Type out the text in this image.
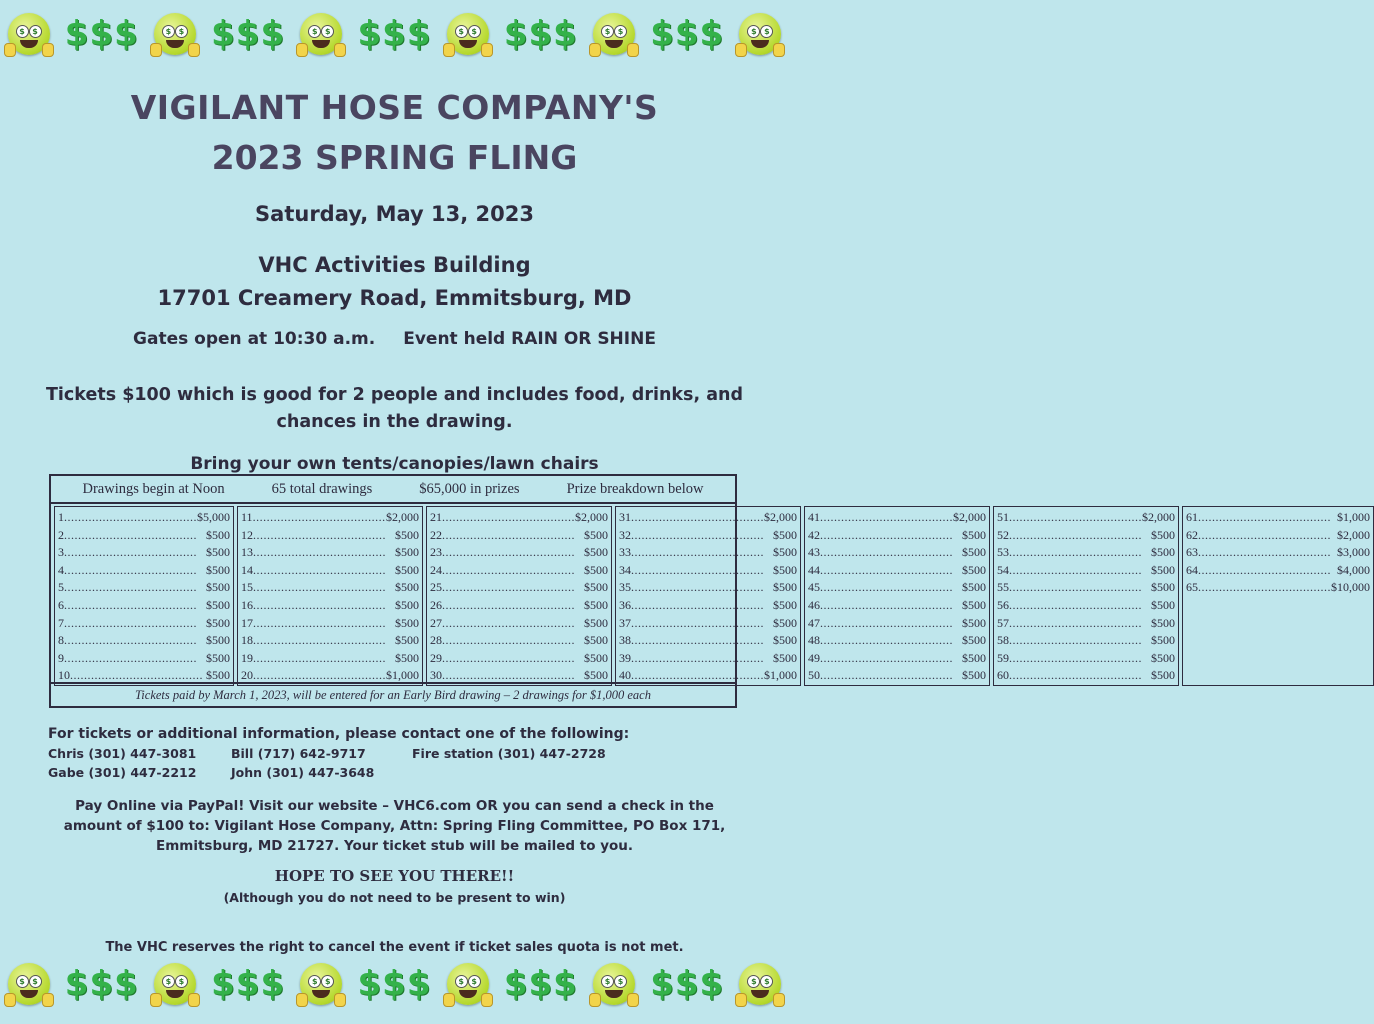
$ $ $$$	$ $ $$$	$ $ $$$	$ $ $$$	$ $ $$$	$ $
VIGILANT HOSE COMPANY'S
2023 SPRING FLING
Saturday, May 13, 2023
VHC Activities Building
17701 Creamery Road, Emmitsburg, MD
Gates open at 10:30 a.m. Event held RAIN OR SHINE
Tickets $100 which is good for 2 people and includes food, drinks, and chances in the drawing.
Bring your own tents/canopies/lawn chairs
Drawings begin at Noon	65 total drawings	$65,000 in prizes	Prize breakdown below
1 .....	$5,000
2 .....	$500
3 .....	$500
4 .....	$500
5 .....	$500
6 .....	$500
7 .....	$500
8 .....	$500
9 .....	$500
10 .....	$500
11 .....	$2,000
12 .....	$500
13 .....	$500
14 .....	$500
15 .....	$500
16 .....	$500
17 .....	$500
18 .....	$500
19 .....	$500
20 .....	$1,000
21 .....	$2,000
22 .....	$500
23 .....	$500
24 .....	$500
25 .....	$500
26 .....	$500
27 .....	$500
28 .....	$500
29 .....	$500
30 .....	$500
31 .....	$2,000
32 .....	$500
33 .....	$500
34 .....	$500
35 .....	$500
36 .....	$500
37 .....	$500
38 .....	$500
39 .....	$500
40 .....	$1,000
41 .....	$2,000
42 .....	$500
43 .....	$500
44 .....	$500
45 .....	$500
46 .....	$500
47 .....	$500
48 .....	$500
49 .....	$500
50 .....	$500
51 .....	$2,000
52 .....	$500
53 .....	$500
54 .....	$500
55 .....	$500
56 .....	$500
57 .....	$500
58 .....	$500
59 .....	$500
60 .....	$500
61 .....	$1,000
62 .....	$2,000
63 .....	$3,000
64 .....	$4,000
65 .....	$10,000
Tickets paid by March 1, 2023, will be entered for an Early Bird drawing – 2 drawings for $1,000 each
For tickets or additional information, please contact one of the following:
Chris (301) 447-3081	Bill (717) 642-9717	Fire station (301) 447-2728
Gabe (301) 447-2212	John (301) 447-3648
Pay Online via PayPal! Visit our website – VHC6.com OR you can send a check in the amount of $100 to: Vigilant Hose Company, Attn: Spring Fling Committee, PO Box 171, Emmitsburg, MD 21727. Your ticket stub will be mailed to you.
HOPE TO SEE YOU THERE!!
(Although you do not need to be present to win)
The VHC reserves the right to cancel the event if ticket sales quota is not met.
$ $ $$$	$ $ $$$	$ $ $$$	$ $ $$$	$ $ $$$	$ $
